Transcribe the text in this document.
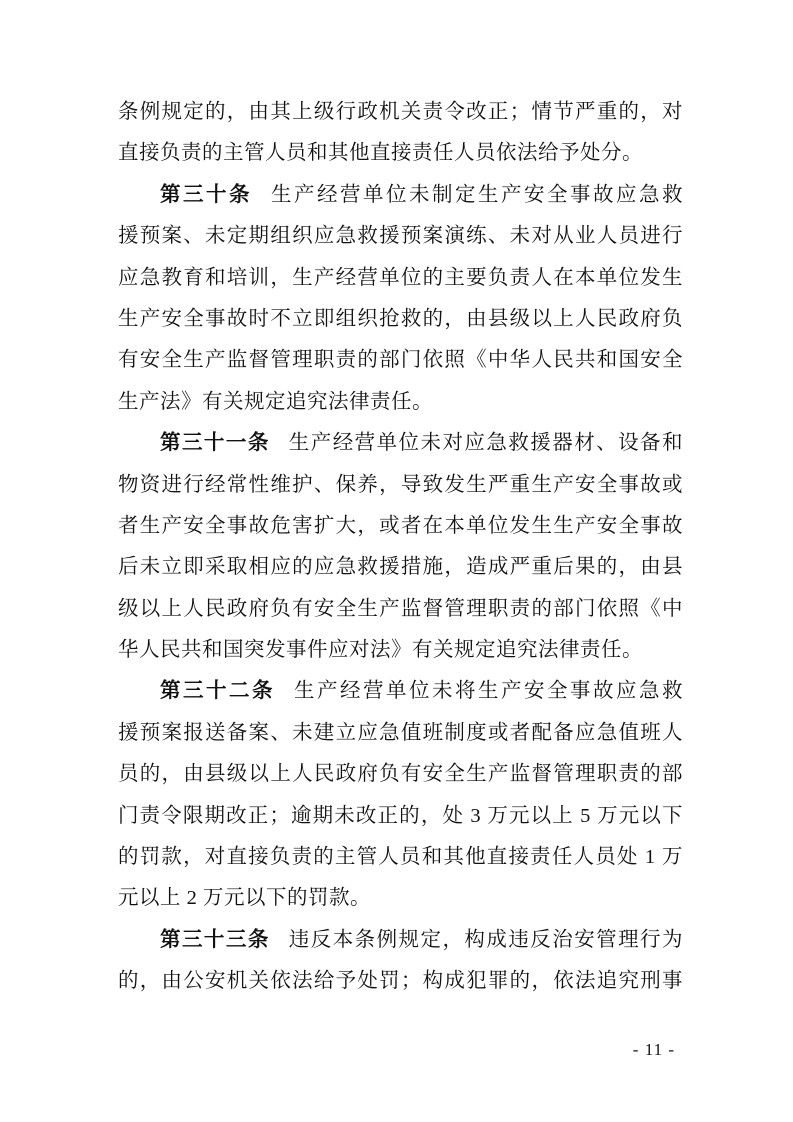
条例规定的，由其上级行政机关责令改正；情节严重的，对
直接负责的主管人员和其他直接责任人员依法给予处分。
第三十条 生产经营单位未制定生产安全事故应急救
援预案、未定期组织应急救援预案演练、未对从业人员进行
应急教育和培训，生产经营单位的主要负责人在本单位发生
生产安全事故时不立即组织抢救的，由县级以上人民政府负
有安全生产监督管理职责的部门依照《中华人民共和国安全
生产法》有关规定追究法律责任。
第三十一条 生产经营单位未对应急救援器材、设备和
物资进行经常性维护、保养，导致发生严重生产安全事故或
者生产安全事故危害扩大，或者在本单位发生生产安全事故
后未立即采取相应的应急救援措施，造成严重后果的，由县
级以上人民政府负有安全生产监督管理职责的部门依照《中
华人民共和国突发事件应对法》有关规定追究法律责任。
第三十二条 生产经营单位未将生产安全事故应急救
援预案报送备案、未建立应急值班制度或者配备应急值班人
员的，由县级以上人民政府负有安全生产监督管理职责的部
门责令限期改正；逾期未改正的，处 3 万元以上 5 万元以下
的罚款，对直接负责的主管人员和其他直接责任人员处 1 万
元以上 2 万元以下的罚款。
第三十三条 违反本条例规定，构成违反治安管理行为
的，由公安机关依法给予处罚；构成犯罪的，依法追究刑事
- 11 -
